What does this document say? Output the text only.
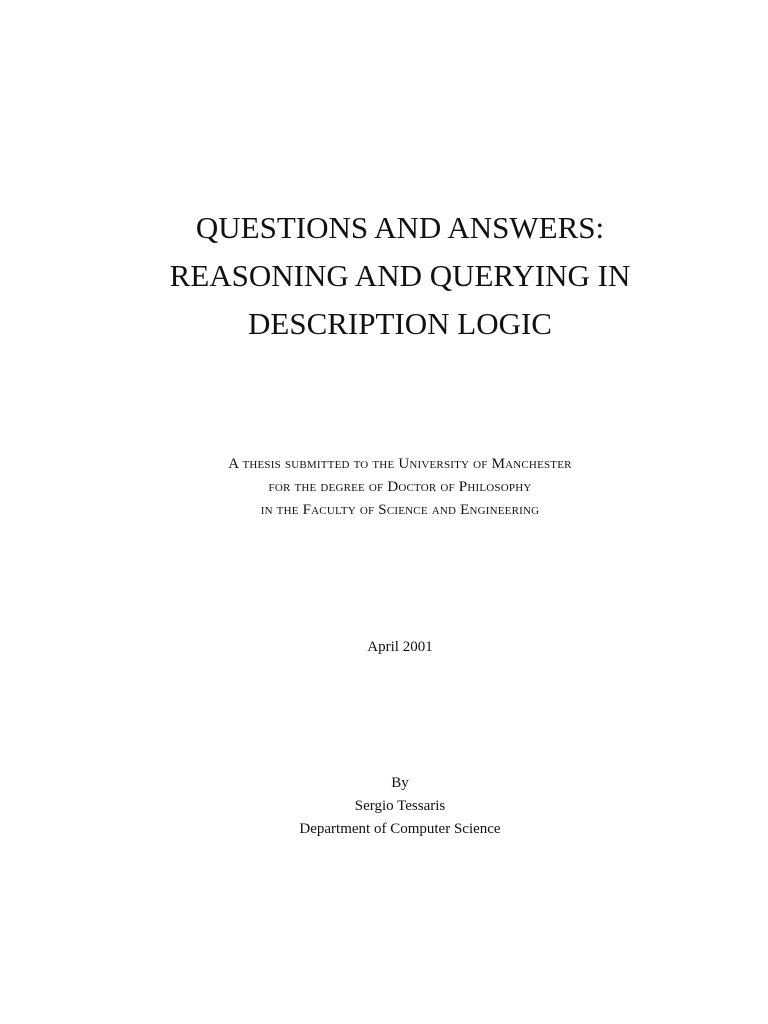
QUESTIONS AND ANSWERS:
REASONING AND QUERYING IN
DESCRIPTION LOGIC
A thesis submitted to the University of Manchester
for the degree of Doctor of Philosophy
in the Faculty of Science and Engineering
April 2001
By
Sergio Tessaris
Department of Computer Science
